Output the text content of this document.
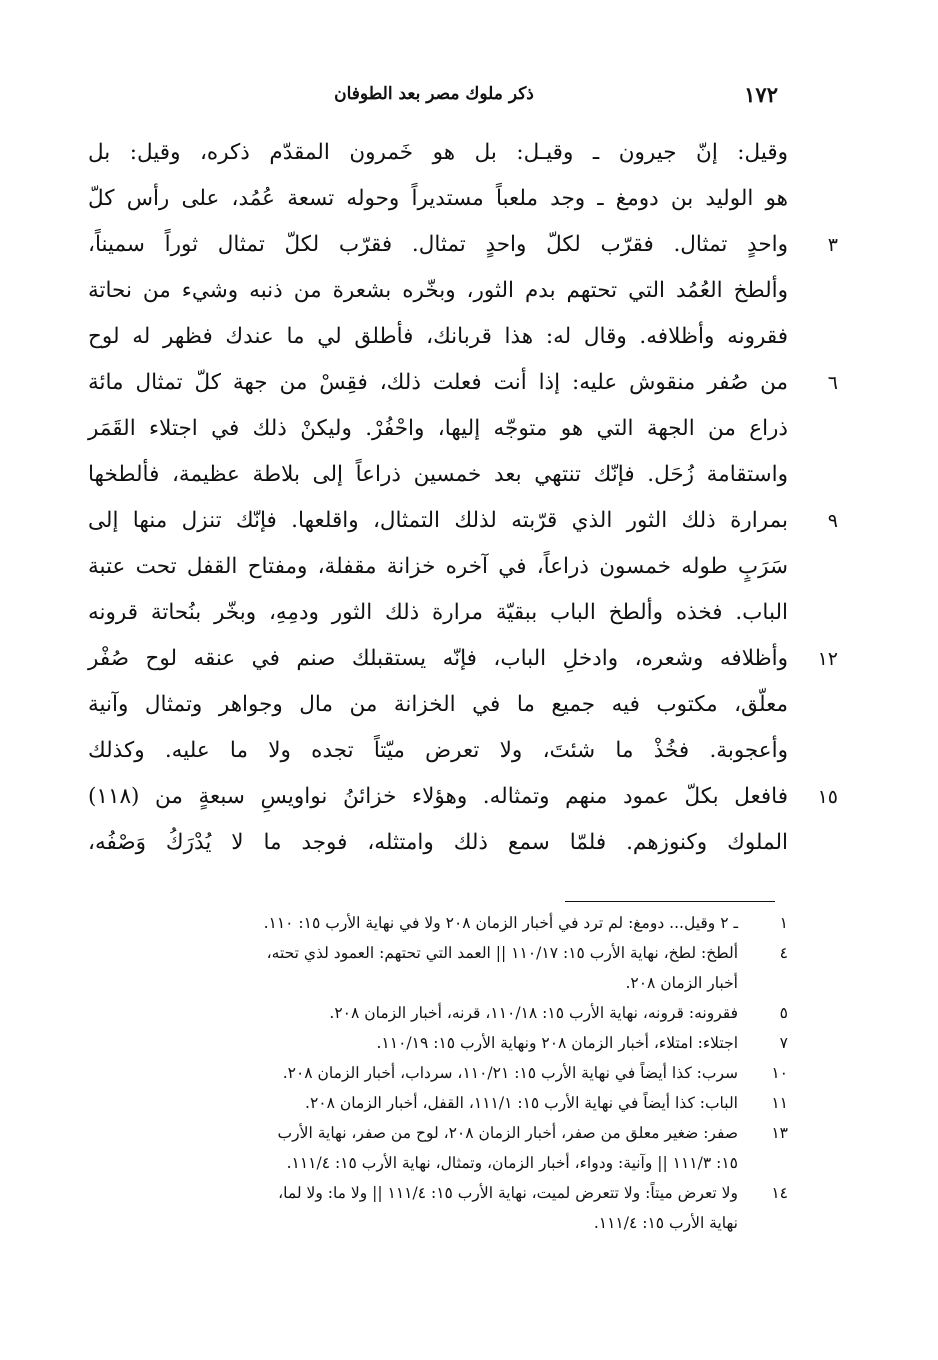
١٧٢
ذكر ملوك مصر بعد الطوفان
وقيل: إنّ جيرون ـ وقيـل: بل هو خَمرون المقدّم ذكره، وقيل: بل
هو الوليد بن دومغ ـ وجد ملعباً مستديراً وحوله تسعة عُمُد، على رأس كلّ
٣
واحدٍ تمثال. فقرّب لكلّ واحدٍ تمثال. فقرّب لكلّ تمثال ثوراً سميناً،
وألطخ العُمُد التي تحتهم بدم الثور، وبخّره بشعرة من ذنبه وشيء من نحاتة
فقرونه وأظلافه. وقال له: هذا قربانك، فأطلق لي ما عندك فظهر له لوح
٦
من صُفر منقوش عليه: إذا أنت فعلت ذلك، فقِسْ من جهة كلّ تمثال مائة
ذراع من الجهة التي هو متوجّه إليها، واحْفُرْ. وليكنْ ذلك في اجتلاء القَمَر
واستقامة زُحَل. فإنّك تنتهي بعد خمسين ذراعاً إلى بلاطة عظيمة، فألطخها
٩
بمرارة ذلك الثور الذي قرّبته لذلك التمثال، واقلعها. فإنّك تنزل منها إلى
سَرَبٍ طوله خمسون ذراعاً، في آخره خزانة مقفلة، ومفتاح القفل تحت عتبة
الباب. فخذه وألطخ الباب ببقيّة مرارة ذلك الثور ودمِهِ، وبخّر بنُحاتة قرونه
١٢
وأظلافه وشعره، وادخلِ الباب، فإنّه يستقبلك صنم في عنقه لوح صُفْر
معلّق، مكتوب فيه جميع ما في الخزانة من مال وجواهر وتمثال وآنية
وأعجوبة. فخُذْ ما شئتَ، ولا تعرض ميّتاً تجده ولا ما عليه. وكذلك
١٥
فافعل بكلّ عمود منهم وتمثاله. وهؤلاء خزائنُ نواويسِ سبعةٍ من (١١٨)
الملوك وكنوزهم. فلمّا سمع ذلك وامتثله، فوجد ما لا يُدْرَكُ وَصْفُه،
١
ـ ٢ وقيل... دومغ: لم ترد في أخبار الزمان ٢٠٨ ولا في نهاية الأرب ١٥: ١١٠.
٤
ألطخ: لطخ، نهاية الأرب ١٥: ١١٠/١٧ || العمد التي تحتهم: العمود لذي تحته،
أخبار الزمان ٢٠٨.
٥
فقرونه: قرونه، نهاية الأرب ١٥: ١١٠/١٨، قرنه، أخبار الزمان ٢٠٨.
٧
اجتلاء: امتلاء، أخبار الزمان ٢٠٨ ونهاية الأرب ١٥: ١١٠/١٩.
١٠
سرب: كذا أيضاً في نهاية الأرب ١٥: ١١٠/٢١، سرداب، أخبار الزمان ٢٠٨.
١١
الباب: كذا أيضاً في نهاية الأرب ١٥: ١١١/١، القفل، أخبار الزمان ٢٠٨.
١٣
صفر: ضغير معلق من صفر، أخبار الزمان ٢٠٨، لوح من صفر، نهاية الأرب
١٥: ١١١/٣ || وآنية: ودواء، أخبار الزمان، وتمثال، نهاية الأرب ١٥: ١١١/٤.
١٤
ولا تعرض ميتاً: ولا تتعرض لميت، نهاية الأرب ١٥: ١١١/٤ || ولا ما: ولا لما،
نهاية الأرب ١٥: ١١١/٤.
